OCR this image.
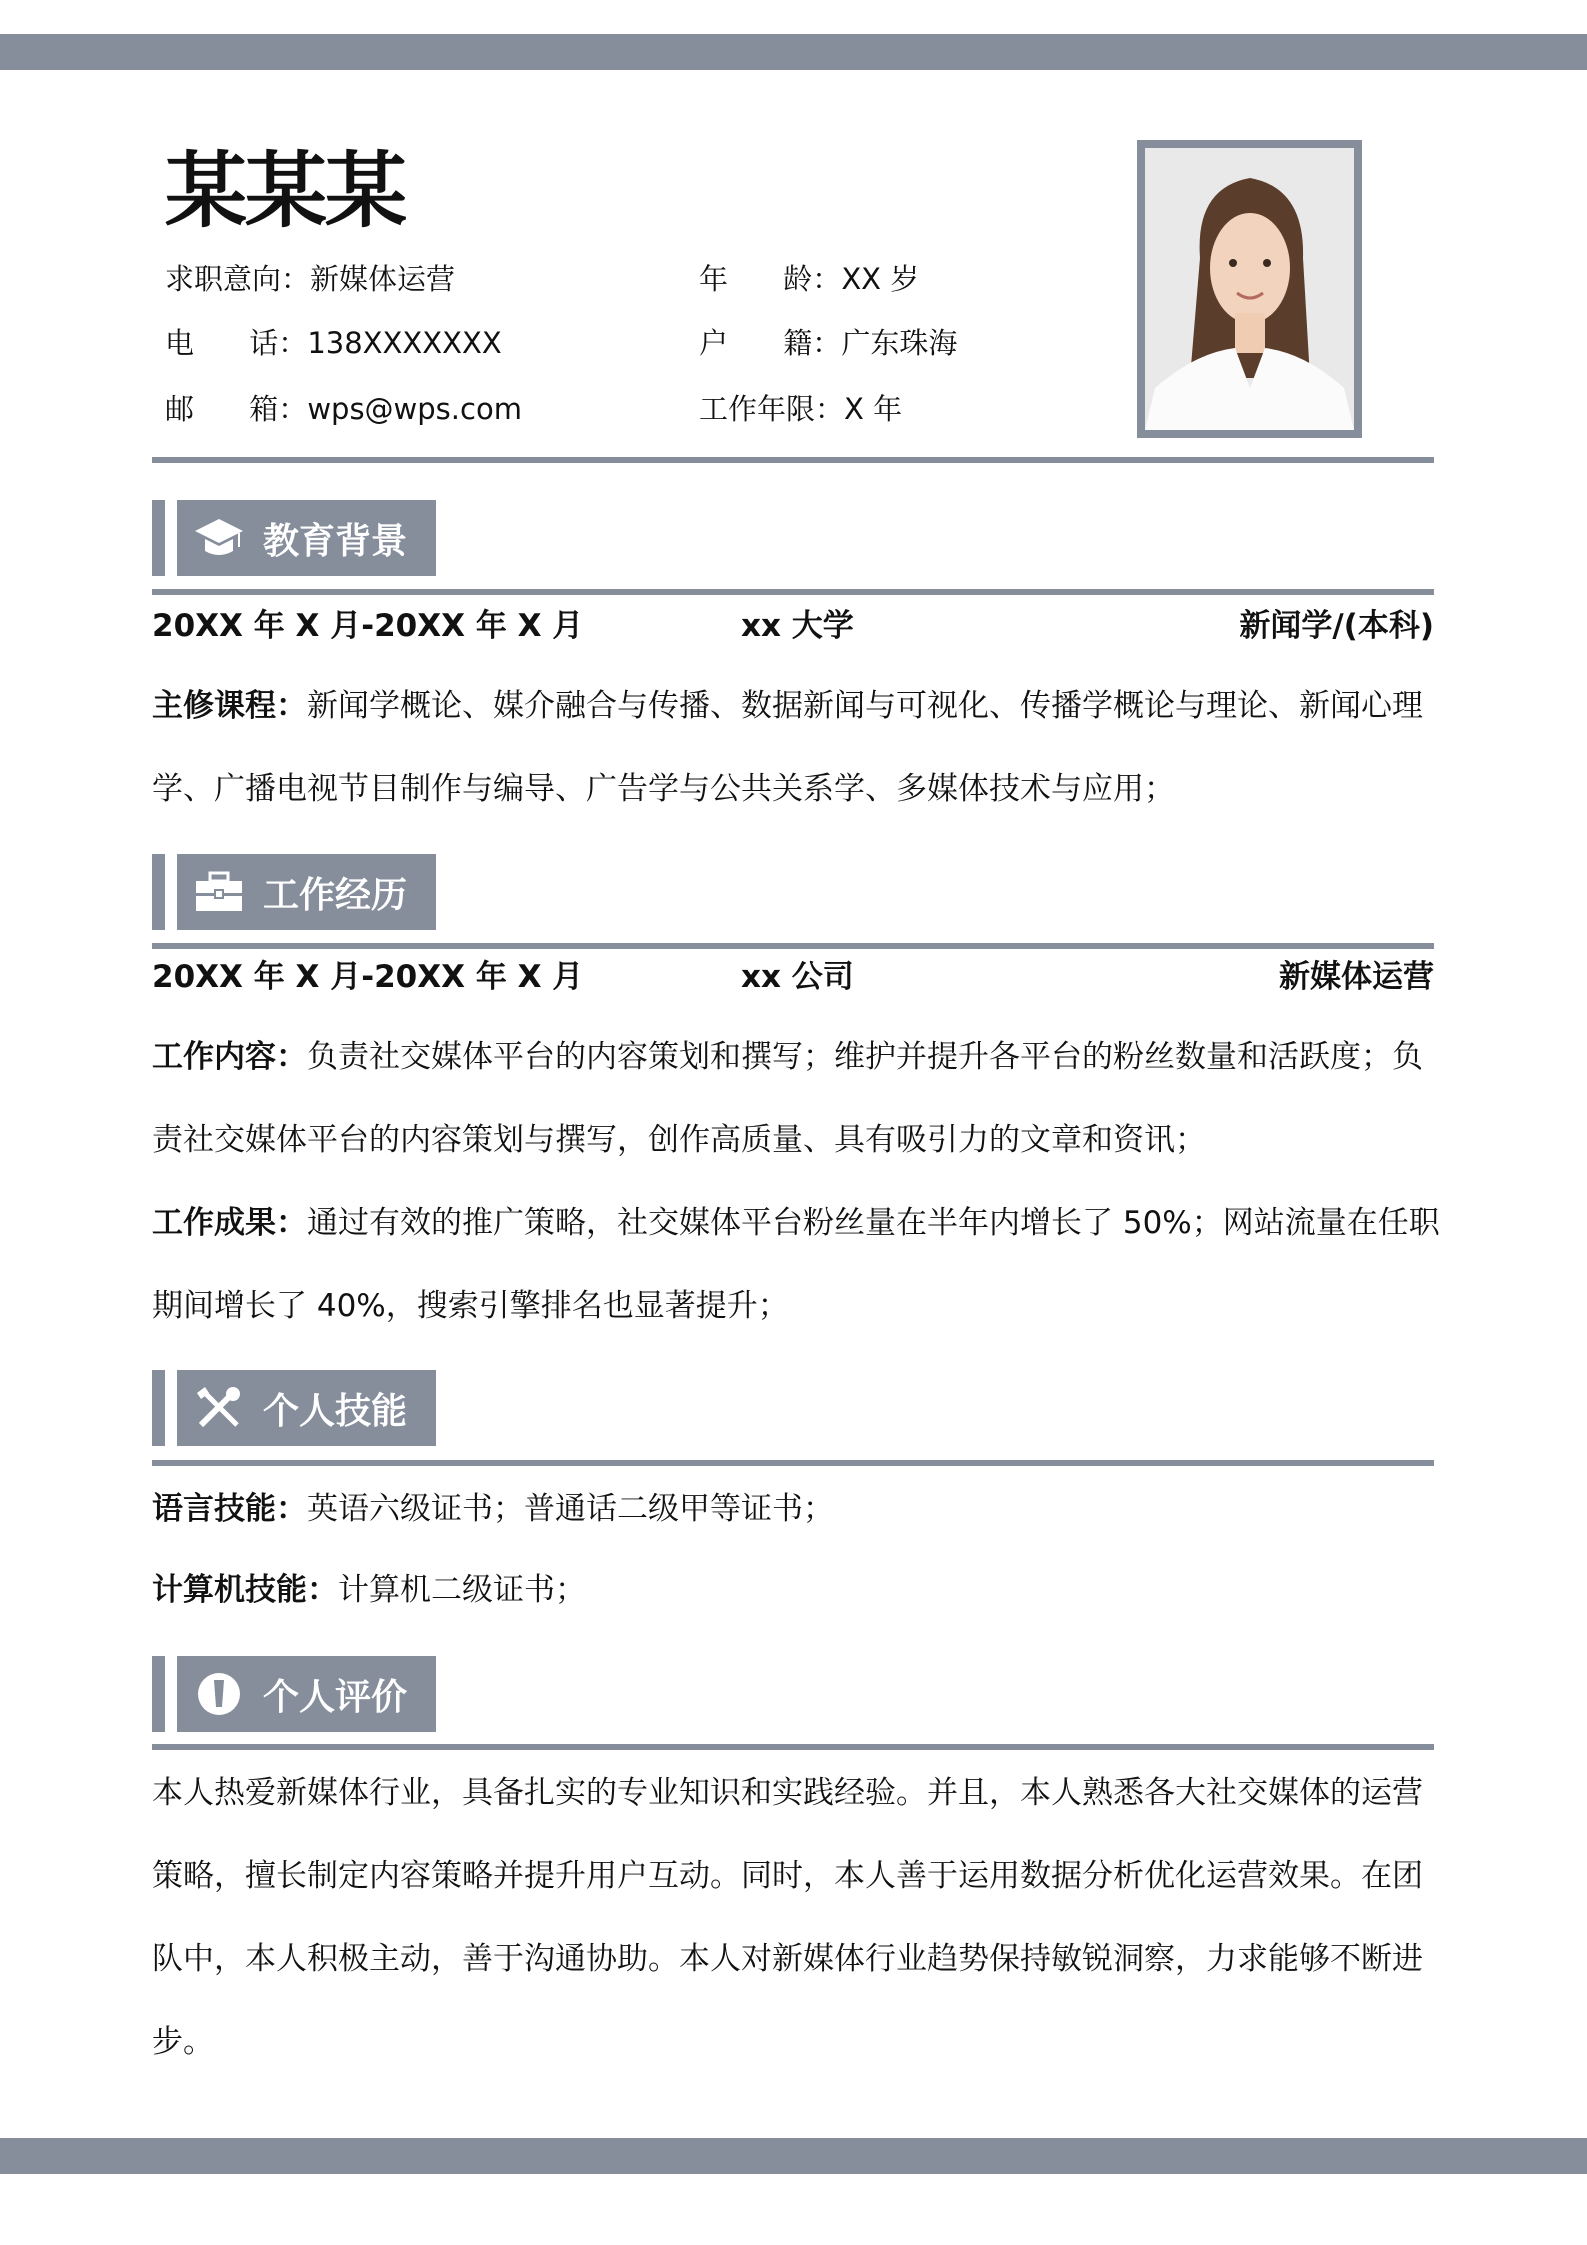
某某某
求职意向：新媒体运营	年      龄：XX 岁
电      话：138XXXXXXX	户      籍：广东珠海
邮      箱：wps@wps.com	工作年限：X 年
教育背景
20XX 年 X 月-20XX 年 X 月	xx 大学	新闻学/(本科)
主修课程：新闻学概论、媒介融合与传播、数据新闻与可视化、传播学概论与理论、新闻心理学、广播电视节目制作与编导、广告学与公共关系学、多媒体技术与应用；
工作经历
20XX 年 X 月-20XX 年 X 月	xx 公司	新媒体运营
工作内容：负责社交媒体平台的内容策划和撰写；维护并提升各平台的粉丝数量和活跃度；负责社交媒体平台的内容策划与撰写，创作高质量、具有吸引力的文章和资讯；
工作成果：通过有效的推广策略，社交媒体平台粉丝量在半年内增长了 50%；网站流量在任职期间增长了 40%，搜索引擎排名也显著提升；
个人技能
语言技能：英语六级证书；普通话二级甲等证书；
计算机技能：计算机二级证书；
个人评价
本人热爱新媒体行业，具备扎实的专业知识和实践经验。并且，本人熟悉各大社交媒体的运营策略，擅长制定内容策略并提升用户互动。同时，本人善于运用数据分析优化运营效果。在团队中，本人积极主动，善于沟通协助。本人对新媒体行业趋势保持敏锐洞察，力求能够不断进步。
